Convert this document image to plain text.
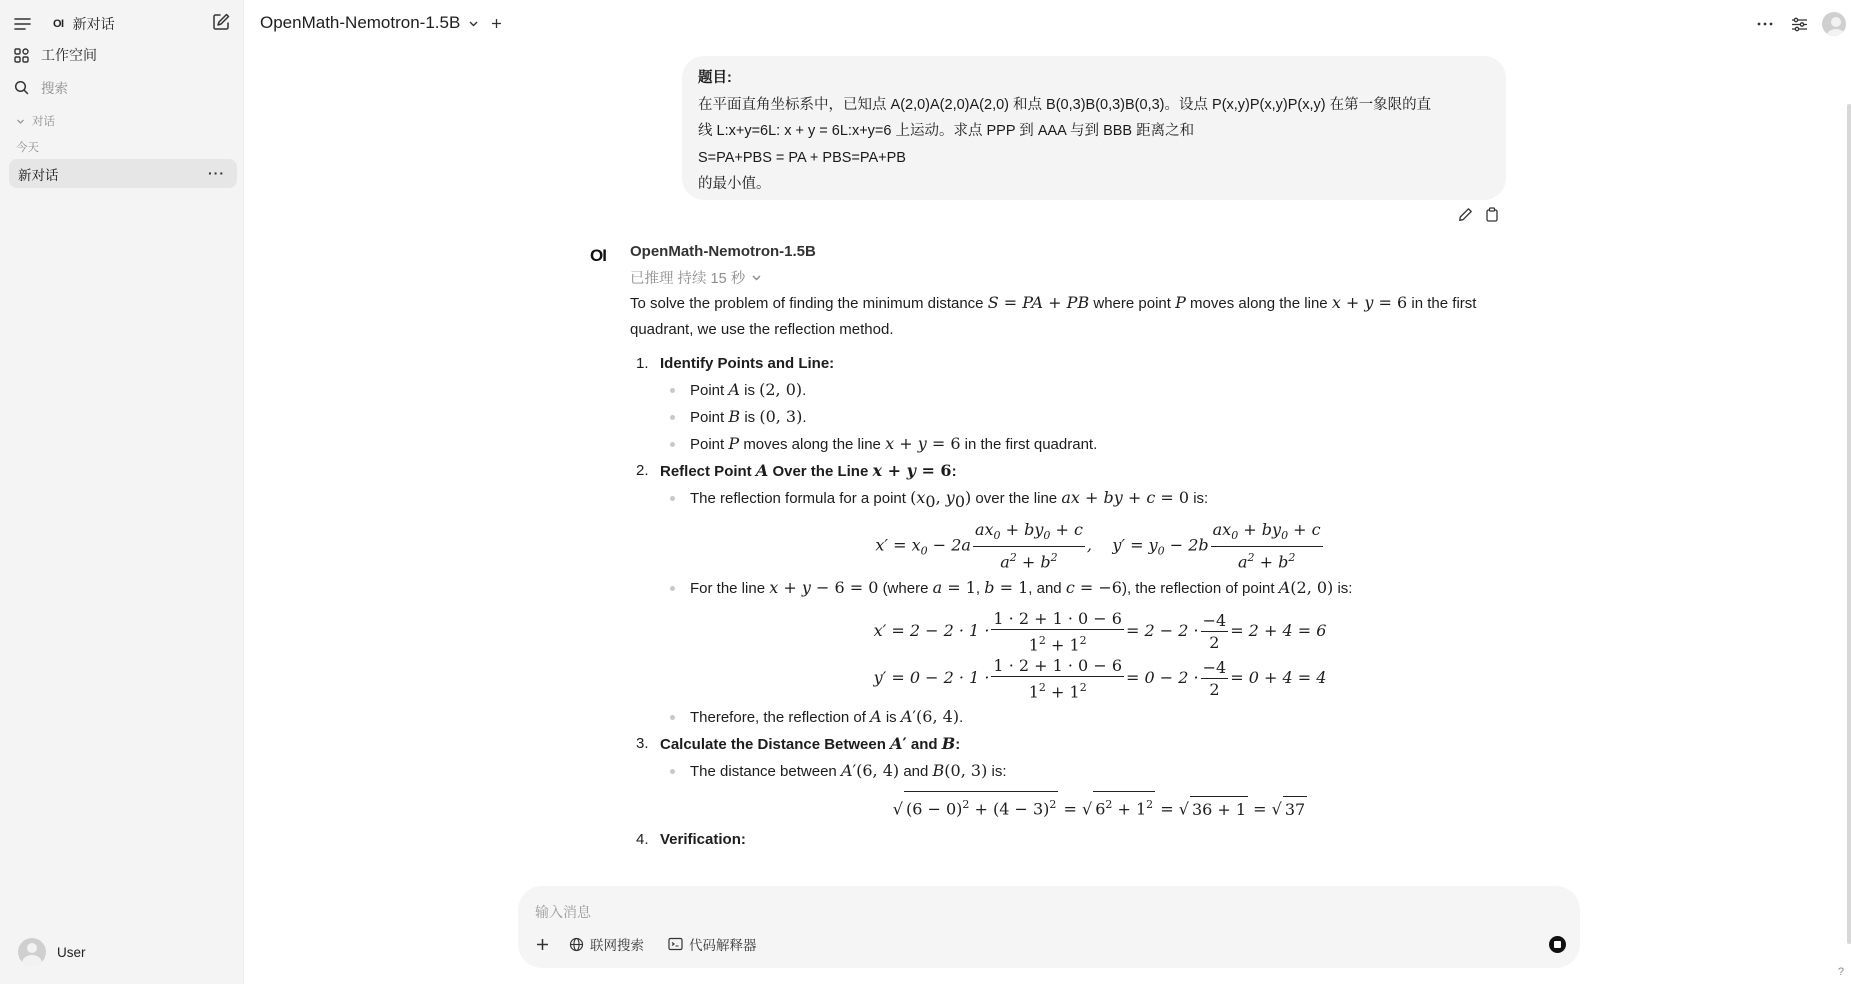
OI 新对话
工作空间
搜索
对话
今天
新对话	···
User
OpenMath-Nemotron-1.5B
题目:
在平面直角坐标系中，已知点 A(2,0)A(2,0)A(2,0) 和点 B(0,3)B(0,3)B(0,3)。设点 P(x,y)P(x,y)P(x,y) 在第一象限的直
线 L:x+y=6L: x + y = 6L:x+y=6 上运动。求点 PPP 到 AAA 与到 BBB 距离之和
S=PA+PBS = PA + PBS=PA+PB
的最小值。
OI OpenMath-Nemotron-1.5B
已推理 持续 15 秒

To solve the problem of finding the minimum distance S = PA + PB where point P moves along the line x + y = 6 in the first quadrant, we use the reflection method.

1. Identify Points and Line:
Point A is (2, 0).
Point B is (0, 3).
Point P moves along the line x + y = 6 in the first quadrant.
2. Reflect Point A Over the Line x + y = 6:
The reflection formula for a point ($x_0$, $y_0$) over the line ax + by + c = 0 is:
$x' = x_0 - 2a \frac{ax_0 + by_0 + c}{a^2 + b^2}$ ,    $y' = y_0 - 2b \frac{ax_0 + by_0 + c}{a^2 + b^2}$
For the line x + y − 6 = 0 (where a = 1, b = 1, and c = −6), the reflection of point A(2, 0) is:
$x' = 2 - 2 \cdot 1 \cdot \frac{1 \cdot 2 + 1 \cdot 0 - 6}{1^2 + 1^2} = 2 - 2 \cdot \frac{-4}{2} = 2 + 4 = 6$
$y' = 0 - 2 \cdot 1 \cdot \frac{1 \cdot 2 + 1 \cdot 0 - 6}{1^2 + 1^2} = 0 - 2 \cdot \frac{-4}{2} = 0 + 4 = 4$
Therefore, the reflection of A is A′(6, 4).
3. Calculate the Distance Between A′ and B:
The distance between A′(6, 4) and B(0, 3) is:
√ $(6 - 0)^2 + (4 - 3)^2$ = √ $6^2 + 1^2$ = √ 36 + 1 = √ 37
4. Verification:
输入消息
联网搜索	代码解释器
?
